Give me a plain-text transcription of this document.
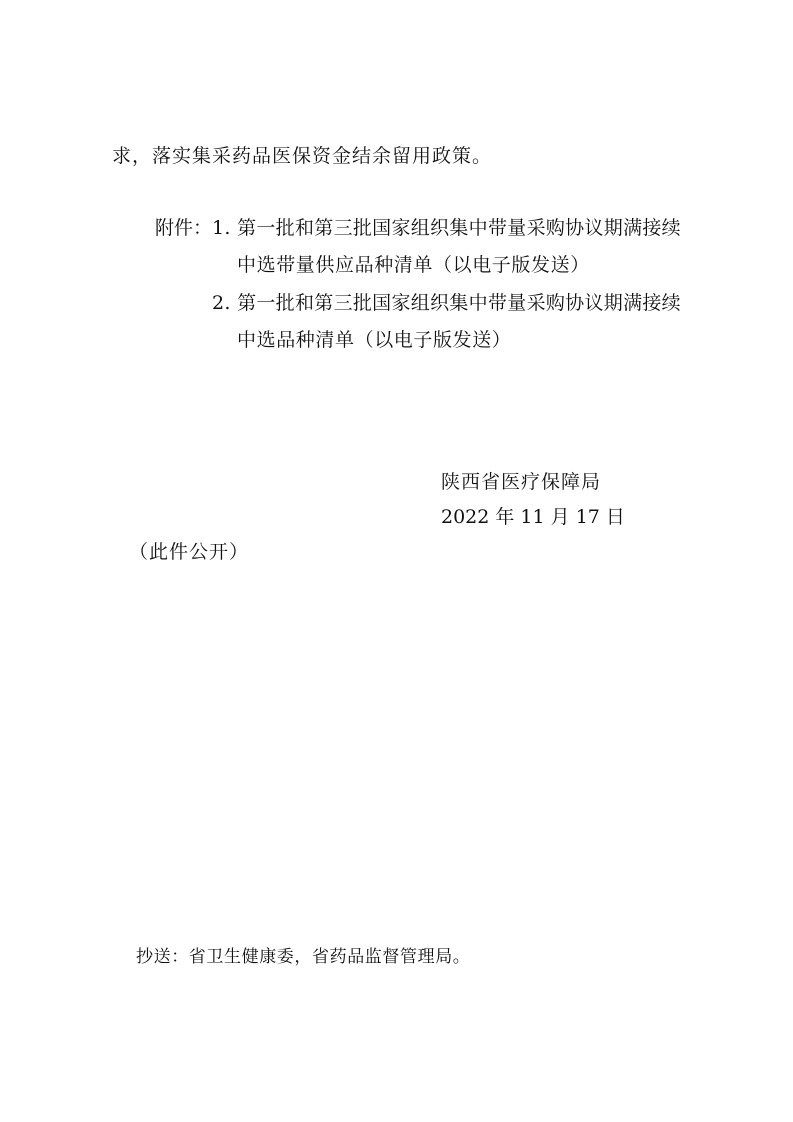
求，落实集采药品医保资金结余留用政策。
附件： 1. 第一批和第三批国家组织集中带量采购协议期满接续
中选带量供应品种清单（以电子版发送）
2. 第一批和第三批国家组织集中带量采购协议期满接续
中选品种清单（以电子版发送）
陕西省医疗保障局
2022 年 11 月 17 日
（此件公开）
抄送：省卫生健康委，省药品监督管理局。
